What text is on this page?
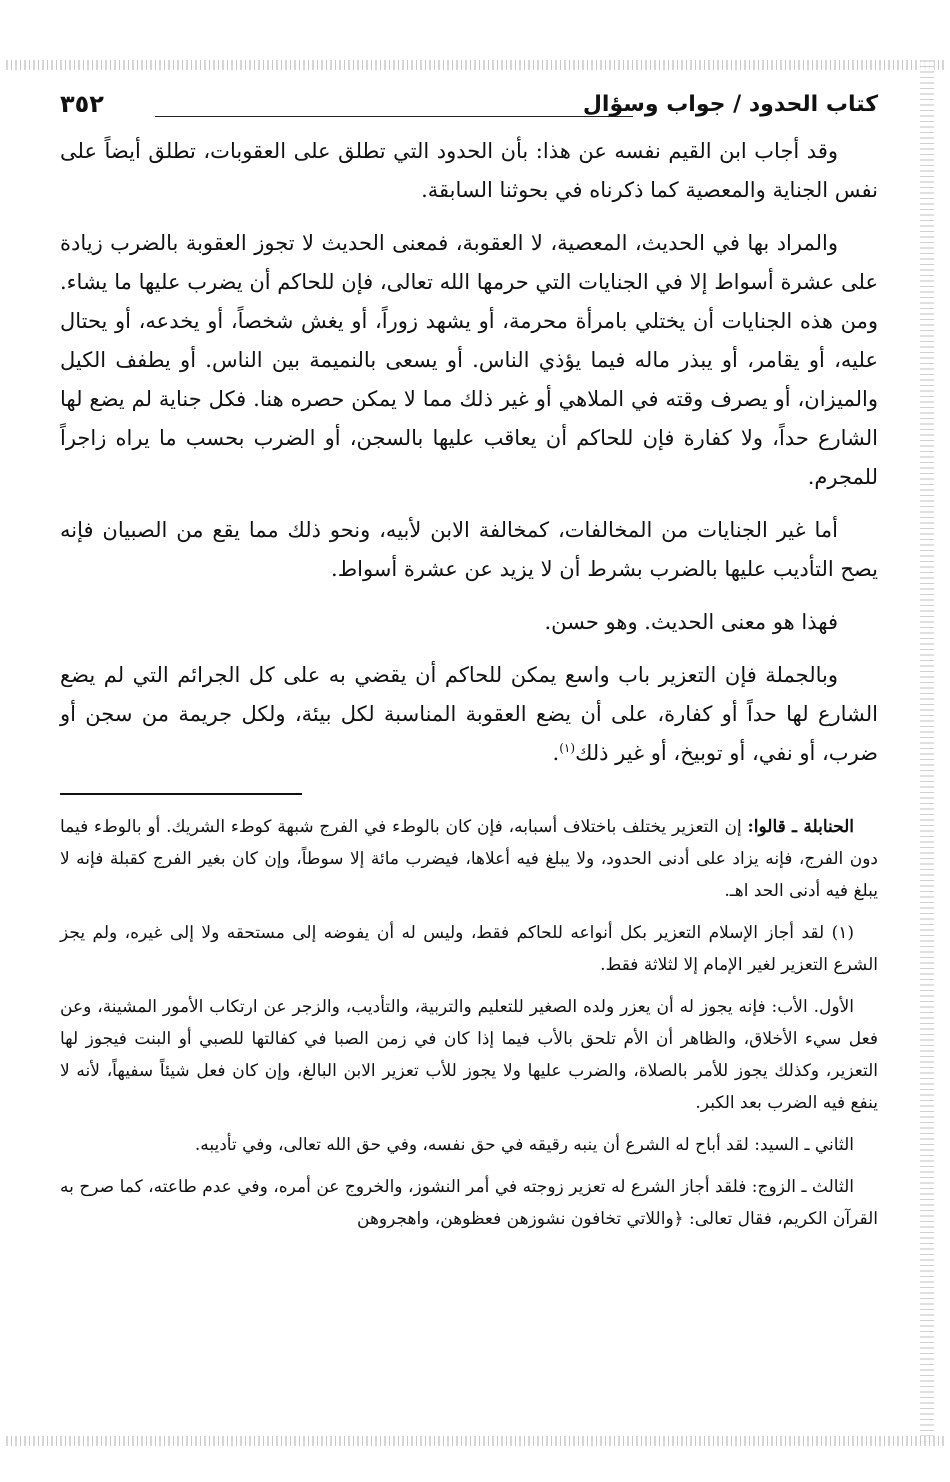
كتاب الحدود / جواب وسؤال
٣٥٢

وقد أجاب ابن القيم نفسه عن هذا: بأن الحدود التي تطلق على العقوبات، تطلق أيضاً على نفس الجناية والمعصية كما ذكرناه في بحوثنا السابقة.

والمراد بها في الحديث، المعصية، لا العقوبة، فمعنى الحديث لا تجوز العقوبة بالضرب زيادة على عشرة أسواط إلا في الجنايات التي حرمها الله تعالى، فإن للحاكم أن يضرب عليها ما يشاء. ومن هذه الجنايات أن يختلي بامرأة محرمة، أو يشهد زوراً، أو يغش شخصاً، أو يخدعه، أو يحتال عليه، أو يقامر، أو يبذر ماله فيما يؤذي الناس. أو يسعى بالنميمة بين الناس. أو يطفف الكيل والميزان، أو يصرف وقته في الملاهي أو غير ذلك مما لا يمكن حصره هنا. فكل جناية لم يضع لها الشارع حداً، ولا كفارة فإن للحاكم أن يعاقب عليها بالسجن، أو الضرب بحسب ما يراه زاجراً للمجرم.

أما غير الجنايات من المخالفات، كمخالفة الابن لأبيه، ونحو ذلك مما يقع من الصبيان فإنه يصح التأديب عليها بالضرب بشرط أن لا يزيد عن عشرة أسواط.

فهذا هو معنى الحديث. وهو حسن.

وبالجملة فإن التعزير باب واسع يمكن للحاكم أن يقضي به على كل الجرائم التي لم يضع الشارع لها حداً أو كفارة، على أن يضع العقوبة المناسبة لكل بيئة، ولكل جريمة من سجن أو ضرب، أو نفي، أو توبيخ، أو غير ذلك$^{(١)}$.

الحنابلة ـ قالوا: إن التعزير يختلف باختلاف أسبابه، فإن كان بالوطء في الفرج شبهة كوطء الشريك. أو بالوطء فيما دون الفرج، فإنه يزاد على أدنى الحدود، ولا يبلغ فيه أعلاها، فيضرب مائة إلا سوطاً، وإن كان بغير الفرج كقبلة فإنه لا يبلغ فيه أدنى الحد اهـ.

(١) لقد أجاز الإسلام التعزير بكل أنواعه للحاكم فقط، وليس له أن يفوضه إلى مستحقه ولا إلى غيره، ولم يجز الشرع التعزير لغير الإمام إلا لثلاثة فقط.

الأول. الأب: فإنه يجوز له أن يعزر ولده الصغير للتعليم والتربية، والتأديب، والزجر عن ارتكاب الأمور المشينة، وعن فعل سيء الأخلاق، والظاهر أن الأم تلحق بالأب فيما إذا كان في زمن الصبا في كفالتها للصبي أو البنت فيجوز لها التعزير، وكذلك يجوز للأمر بالصلاة، والضرب عليها ولا يجوز للأب تعزير الابن البالغ، وإن كان فعل شيئاً سفيهاً، لأنه لا ينفع فيه الضرب بعد الكبر.

الثاني ـ السيد: لقد أباح له الشرع أن ينبه رقيقه في حق نفسه، وفي حق الله تعالى، وفي تأديبه.

الثالث ـ الزوج: فلقد أجاز الشرع له تعزير زوجته في أمر النشوز، والخروج عن أمره، وفي عدم طاعته، كما صرح به القرآن الكريم، فقال تعالى: ﴿واللاتي تخافون نشوزهن فعظوهن، واهجروهن
